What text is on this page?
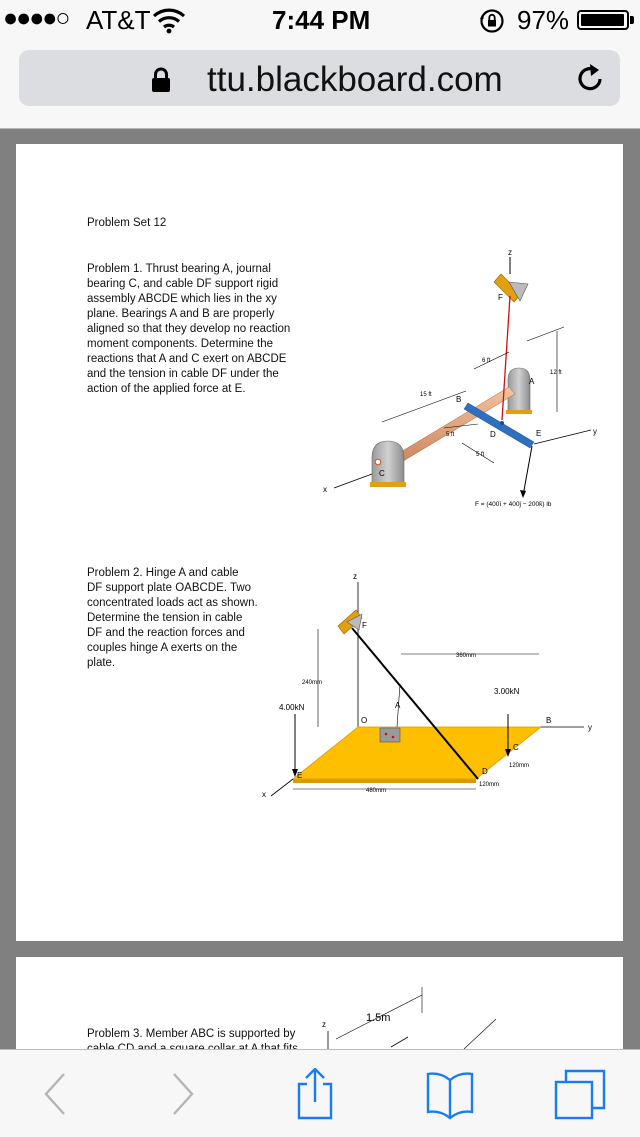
●●●●○ AT&T	7:44 PM	97%
ttu.blackboard.com
Problem Set 12
Problem 1. Thrust bearing A, journal
bearing C, and cable DF support rigid
assembly ABCDE which lies in the xy
plane. Bearings A and B are properly
aligned so that they develop no reaction
moment components. Determine the
reactions that A and C exert on ABCDE
and the tension in cable DF under the
action of the applied force at E.
z
F
A
C
B
D	E
F = (400ī + 400ĵ − 200k̄) lb
y
x
12 ft
6 ft
15 ft
5 ft
5 ft
Problem 2. Hinge A and cable
DF support plate OABCDE. Two
concentrated loads act as shown.
Determine the tension in cable
DF and the reaction forces and
couples hinge A exerts on the
plate.
z
F
240mm
360mm
y
x
A
O	B
C
D
E
4.00kN
3.00kN
480mm
120mm
120mm
Problem 3. Member ABC is supported by
z
1.5m
